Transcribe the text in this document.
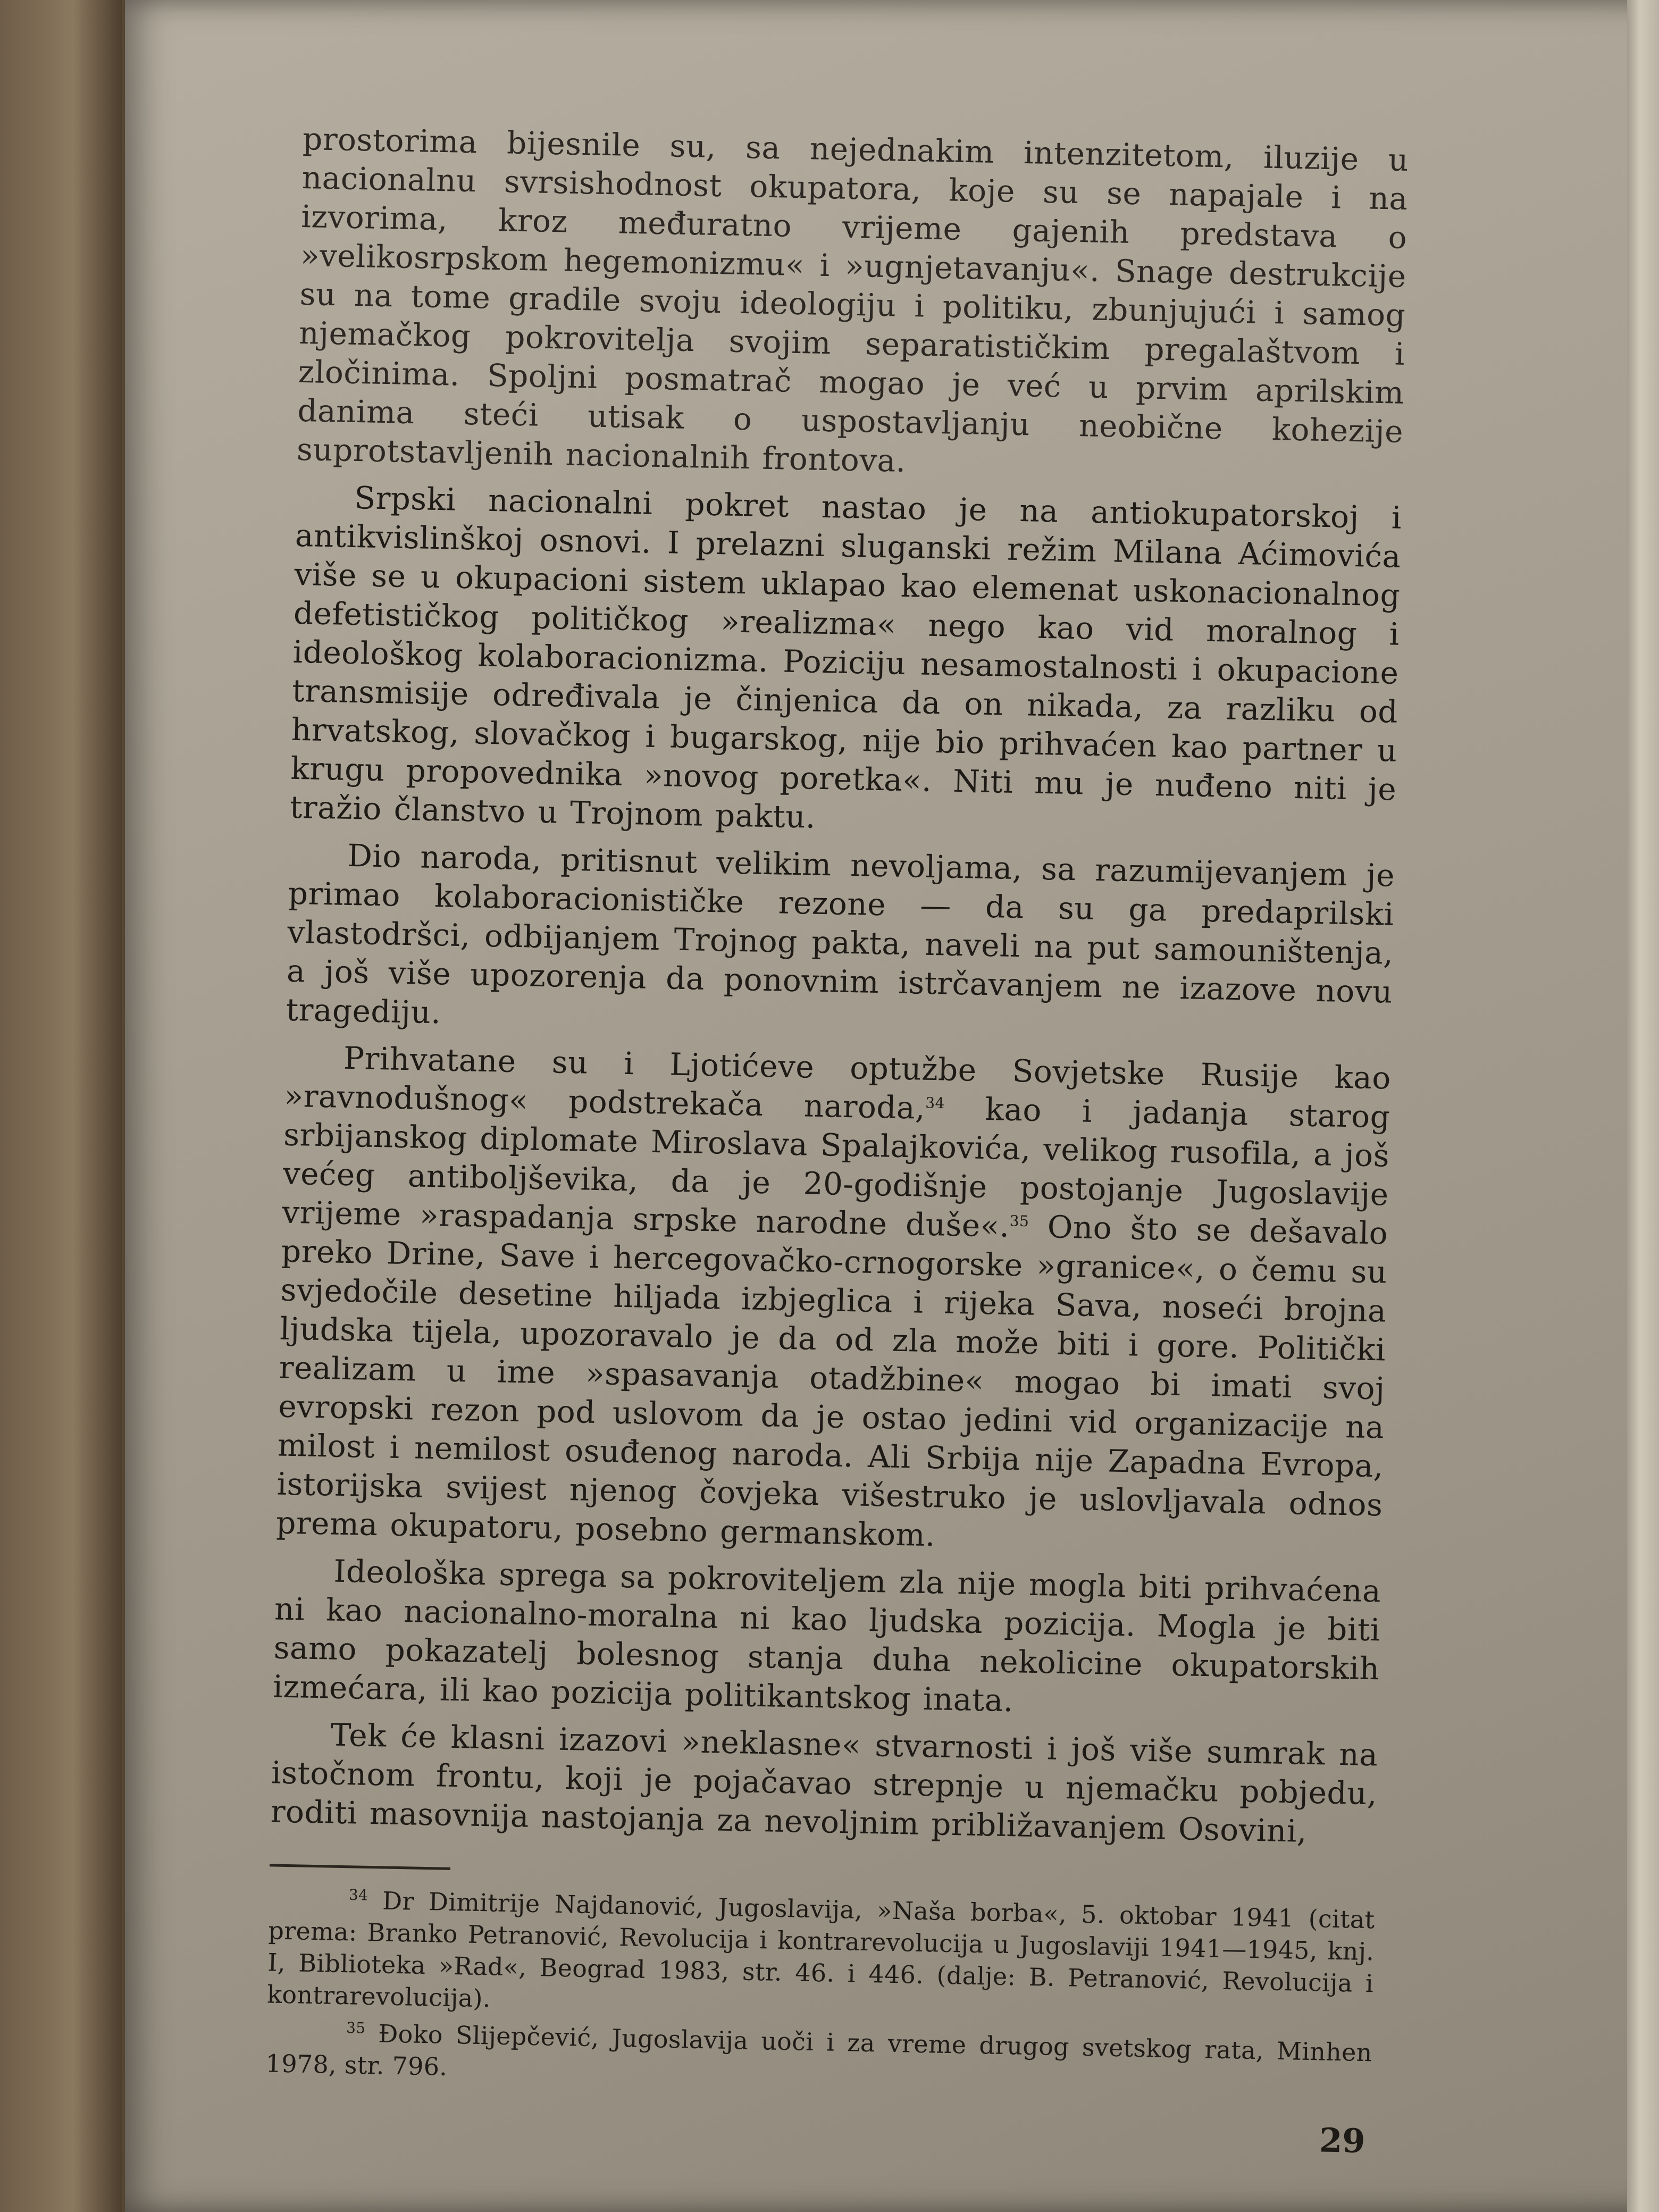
prostorima bijesnile su, sa nejednakim intenzitetom, iluzije u nacionalnu svrsishodnost okupatora, koje su se napajale i na izvorima, kroz međuratno vrijeme gajenih predstava o »velikosrpskom hegemonizmu« i »ugnjetavanju«. Snage destrukcije su na tome gradile svoju ideologiju i politiku, zbunjujući i samog njemačkog pokrovitelja svojim separatističkim pregalaštvom i zločinima. Spoljni posmatrač mogao je već u prvim aprilskim danima steći utisak o uspostavljanju neobične kohezije suprotstavljenih nacionalnih frontova.

Srpski nacionalni pokret nastao je na antiokupatorskoj i antikvislinškoj osnovi. I prelazni sluganski režim Milana Aćimovića više se u okupacioni sistem uklapao kao elemenat uskonacionalnog defetističkog političkog »realizma« nego kao vid moralnog i ideološkog kolaboracionizma. Poziciju nesamostalnosti i okupacione transmisije određivala je činjenica da on nikada, za razliku od hrvatskog, slovačkog i bugarskog, nije bio prihvaćen kao partner u krugu propovednika »novog poretka«. Niti mu je nuđeno niti je tražio članstvo u Trojnom paktu.

Dio naroda, pritisnut velikim nevoljama, sa razumijevanjem je primao kolaboracionističke rezone — da su ga predaprilski vlastodršci, odbijanjem Trojnog pakta, naveli na put samouništenja, a još više upozorenja da ponovnim istrčavanjem ne izazove novu tragediju.

Prihvatane su i Ljotićeve optužbe Sovjetske Rusije kao »ravnodušnog« podstrekača naroda,$^{34}$ kao i jadanja starog srbijanskog diplomate Miroslava Spalajkovića, velikog rusofila, a još većeg antiboljševika, da je 20-godišnje postojanje Jugoslavije vrijeme »raspadanja srpske narodne duše«.$^{35}$ Ono što se dešavalo preko Drine, Save i hercegovačko-crnogorske »granice«, o čemu su svjedočile desetine hiljada izbjeglica i rijeka Sava, noseći brojna ljudska tijela, upozoravalo je da od zla može biti i gore. Politički realizam u ime »spasavanja otadžbine« mogao bi imati svoj evropski rezon pod uslovom da je ostao jedini vid organizacije na milost i nemilost osuđenog naroda. Ali Srbija nije Zapadna Evropa, istorijska svijest njenog čovjeka višestruko je uslovljavala odnos prema okupatoru, posebno germanskom.

Ideološka sprega sa pokroviteljem zla nije mogla biti prihvaćena ni kao nacionalno-moralna ni kao ljudska pozicija. Mogla je biti samo pokazatelj bolesnog stanja duha nekolicine okupatorskih izmećara, ili kao pozicija politikantskog inata.

Tek će klasni izazovi »neklasne« stvarnosti i još više sumrak na istočnom frontu, koji je pojačavao strepnje u njemačku pobjedu, roditi masovnija nastojanja za nevoljnim približavanjem Osovini,

$^{34}$ Dr Dimitrije Najdanović, Jugoslavija, »Naša borba«, 5. oktobar 1941 (citat prema: Branko Petranović, Revolucija i kontrarevolucija u Jugoslaviji 1941—1945, knj. I, Biblioteka »Rad«, Beograd 1983, str. 46. i 446. (dalje: B. Petranović, Revolucija i kontrarevolucija).

$^{35}$ Đoko Slijepčević, Jugoslavija uoči i za vreme drugog svetskog rata, Minhen 1978, str. 796.

29
